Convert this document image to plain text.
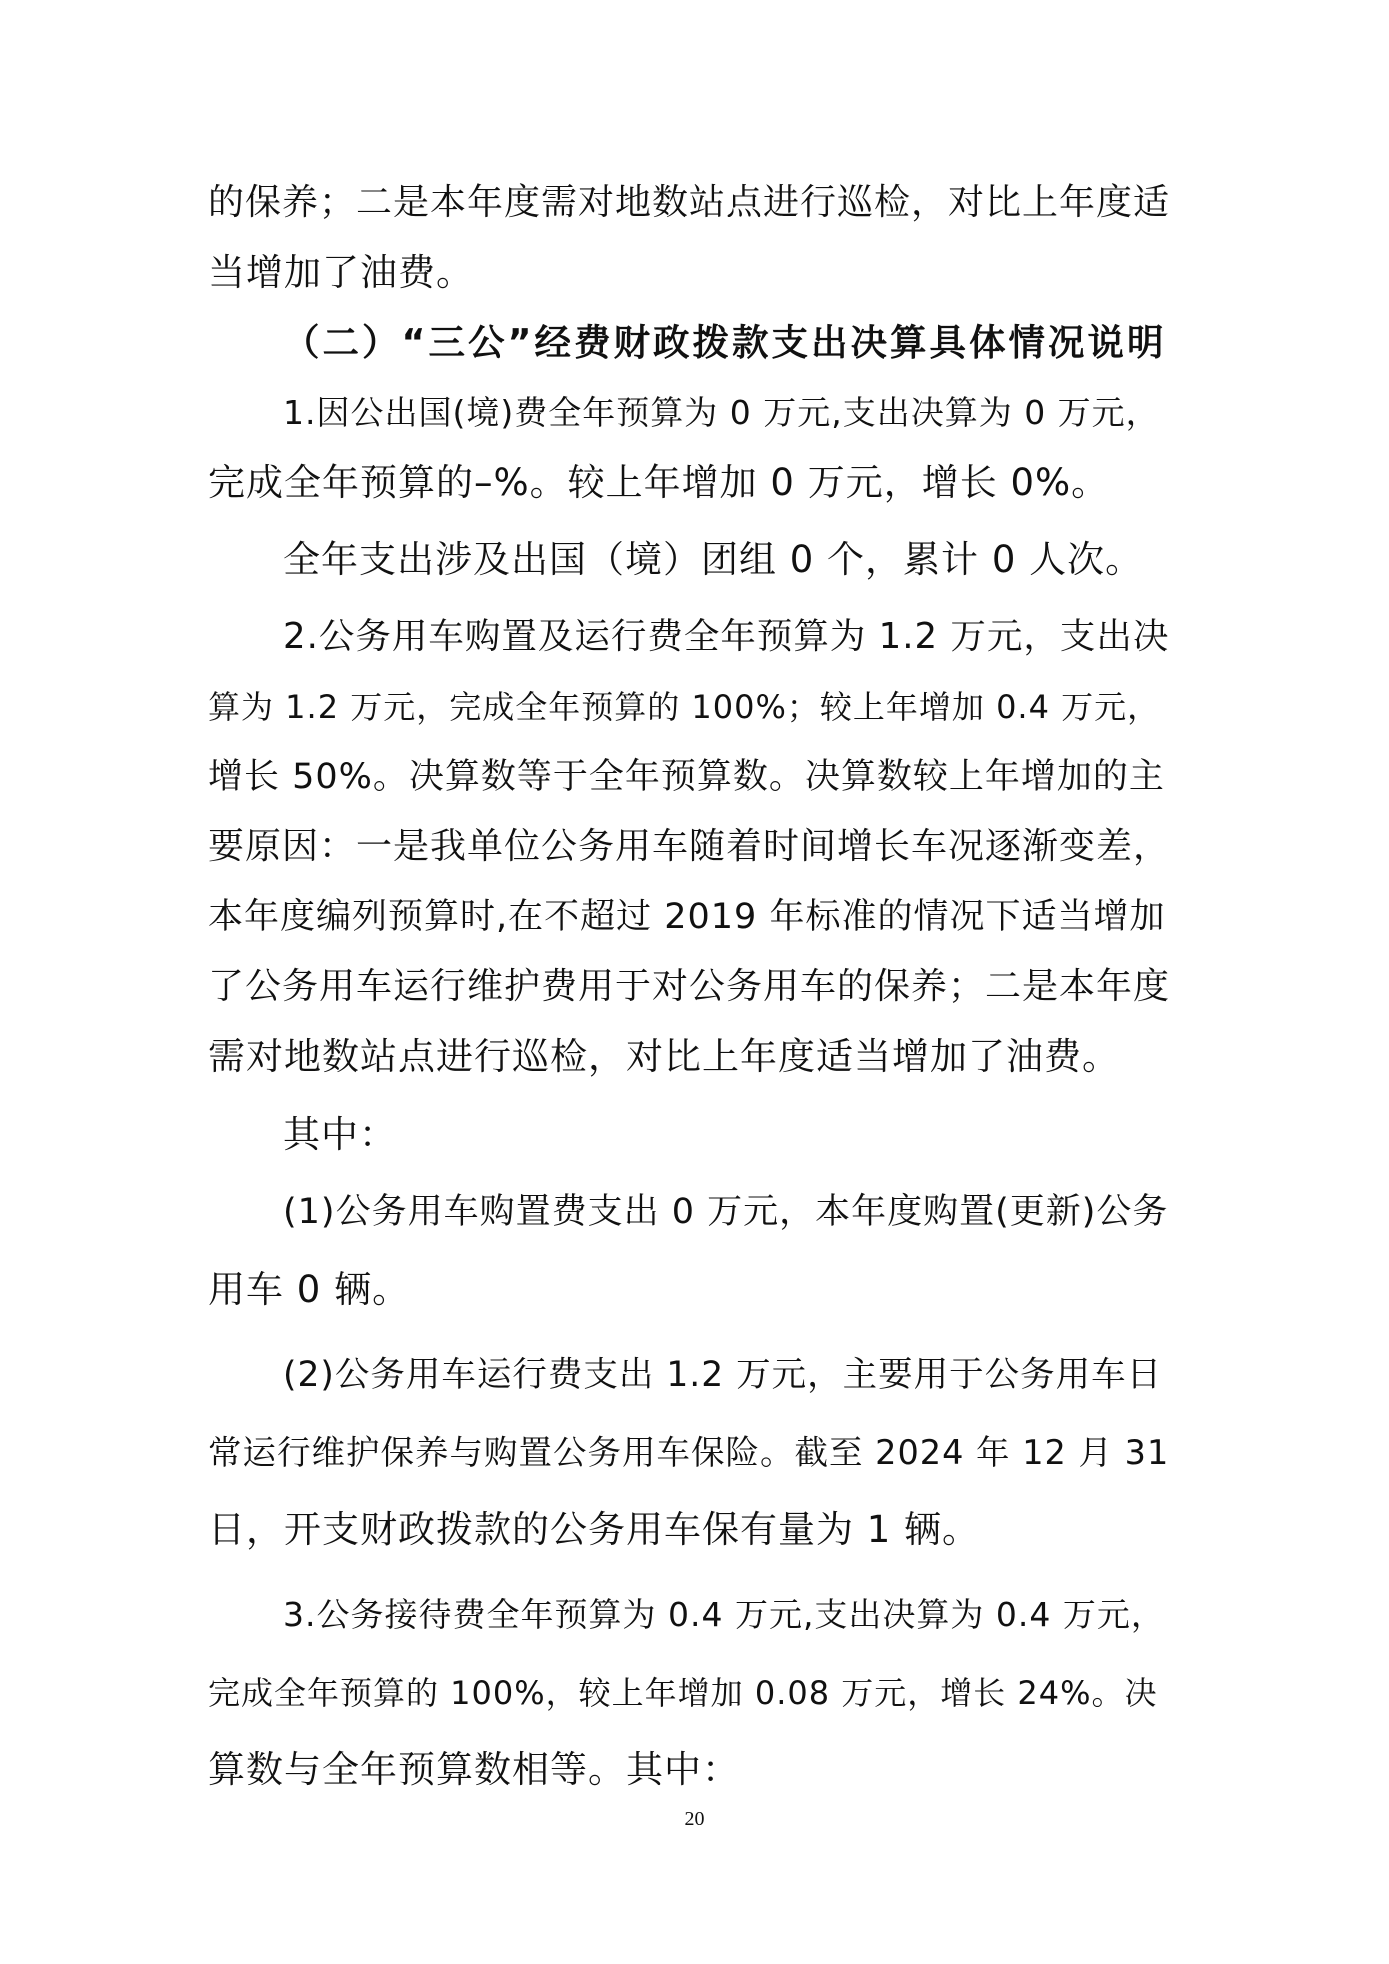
的保养；二是本年度需对地数站点进行巡检，对比上年度适
当增加了油费。
（二）“三公”经费财政拨款支出决算具体情况说明
1.因公出国(境)费全年预算为 0 万元,支出决算为 0 万元，
完成全年预算的–%。较上年增加 0 万元，增长 0%。
全年支出涉及出国（境）团组 0 个，累计 0 人次。
2.公务用车购置及运行费全年预算为 1.2 万元，支出决
算为 1.2 万元，完成全年预算的 100%；较上年增加 0.4 万元，
增长 50%。决算数等于全年预算数。决算数较上年增加的主
要原因：一是我单位公务用车随着时间增长车况逐渐变差，
本年度编列预算时,在不超过 2019 年标准的情况下适当增加
了公务用车运行维护费用于对公务用车的保养；二是本年度
需对地数站点进行巡检，对比上年度适当增加了油费。
其中：
(1)公务用车购置费支出 0 万元，本年度购置(更新)公务
用车 0 辆。
(2)公务用车运行费支出 1.2 万元，主要用于公务用车日
常运行维护保养与购置公务用车保险。截至 2024 年 12 月 31
日，开支财政拨款的公务用车保有量为 1 辆。
3.公务接待费全年预算为 0.4 万元,支出决算为 0.4 万元，
完成全年预算的 100%，较上年增加 0.08 万元，增长 24%。决
算数与全年预算数相等。其中：
20
